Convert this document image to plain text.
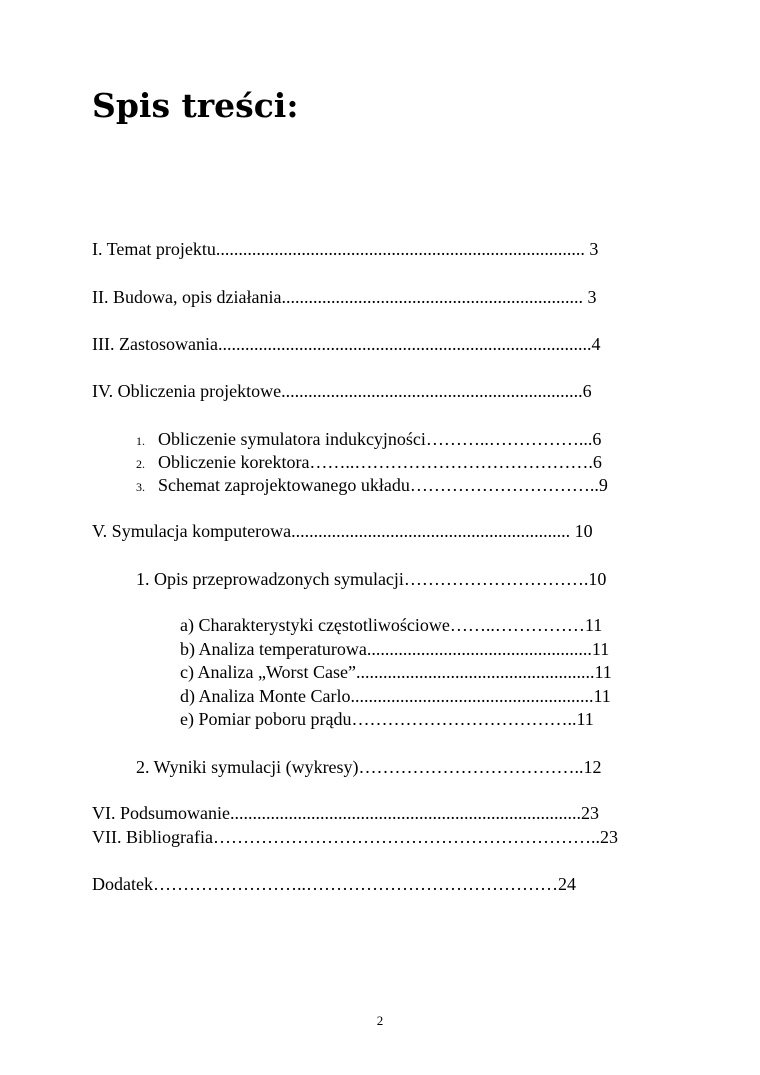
Spis treści:
I. Temat projektu.................................................................................. 3
II. Budowa, opis działania................................................................... 3
III. Zastosowania...................................................................................4
IV. Obliczenia projektowe...................................................................6
1. Obliczenie symulatora indukcyjności………..……………...6
2. Obliczenie korektora……..………………………………….6
3. Schemat zaprojektowanego układu…………………………..9
V. Symulacja komputerowa.............................................................. 10
1. Opis przeprowadzonych symulacji………………………….10
a) Charakterystyki częstotliwościowe……..……………11
b) Analiza temperaturowa..................................................11
c) Analiza „Worst Case”.....................................................11
d) Analiza Monte Carlo......................................................11
e) Pomiar poboru prądu………………………………..11
2. Wyniki symulacji (wykresy)………………………………..12
VI. Podsumowanie..............................................................................23
VII. Bibliografia………………………………………………………..23
Dodatek……………………..……………………………………24
2
